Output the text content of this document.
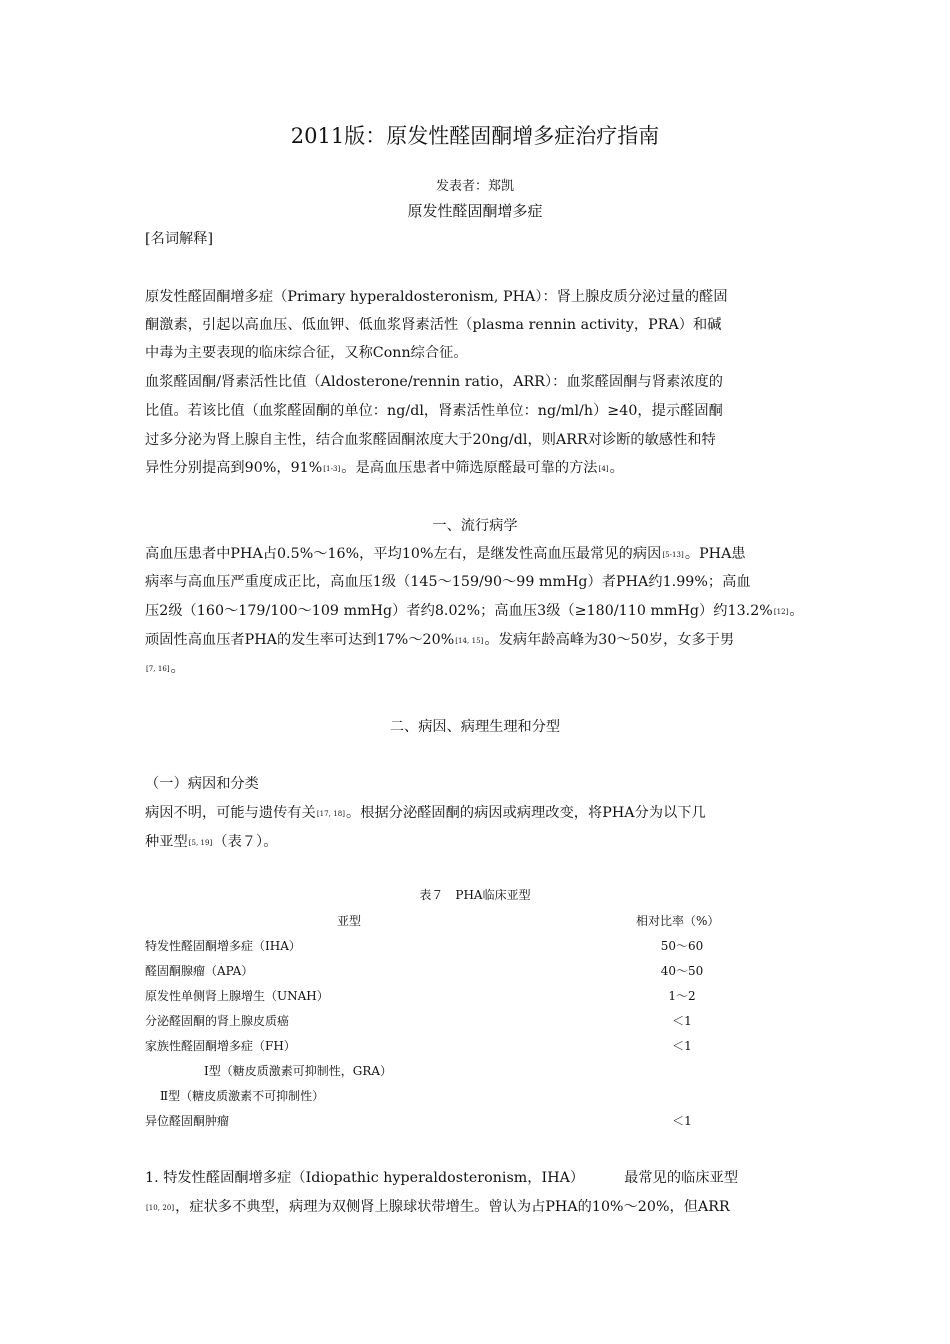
2011版：原发性醛固酮增多症治疗指南
发表者：郑凯
原发性醛固酮增多症
[名词解释]
原发性醛固酮增多症（Primary hyperaldosteronism, PHA）：肾上腺皮质分泌过量的醛固
酮激素，引起以高血压、低血钾、低血浆肾素活性（plasma rennin activity，PRA）和碱
中毒为主要表现的临床综合征，又称Conn综合征。
血浆醛固酮/肾素活性比值（Aldosterone/rennin ratio，ARR）：血浆醛固酮与肾素浓度的
比值。若该比值（血浆醛固酮的单位：ng/dl，肾素活性单位：ng/ml/h）≥40，提示醛固酮
过多分泌为肾上腺自主性，结合血浆醛固酮浓度大于20ng/dl，则ARR对诊断的敏感性和特
异性分别提高到90%，91%[1-3]。是高血压患者中筛选原醛最可靠的方法[4]。
一、流行病学
高血压患者中PHA占0.5%～16%，平均10%左右，是继发性高血压最常见的病因[5-13]。PHA患
病率与高血压严重度成正比，高血压1级（145～159/90～99 mmHg）者PHA约1.99%；高血
压2级（160～179/100～109 mmHg）者约8.02%；高血压3级（≥180/110 mmHg）约13.2%[12]。
顽固性高血压者PHA的发生率可达到17%～20%[14, 15]。发病年龄高峰为30～50岁，女多于男
[7, 16]。
二、病因、病理生理和分型
（一）病因和分类
病因不明，可能与遗传有关[17, 18]。根据分泌醛固酮的病因或病理改变，将PHA分为以下几
种亚型[5, 19]（表７）。
表７　PHA临床亚型
亚型	相对比率（%）
特发性醛固酮增多症（IHA）	50～60
醛固酮腺瘤（APA）	40～50
原发性单侧肾上腺增生（UNAH）	1～2
分泌醛固酮的肾上腺皮质癌	＜1
家族性醛固酮增多症（FH）	＜1
Ⅰ型（糖皮质激素可抑制性，GRA）
Ⅱ型（糖皮质激素不可抑制性）
异位醛固酮肿瘤	＜1
1. 特发性醛固酮增多症（Idiopathic hyperaldosteronism，IHA）	最常见的临床亚型
[10, 20]，症状多不典型，病理为双侧肾上腺球状带增生。曾认为占PHA的10%～20%，但ARR
